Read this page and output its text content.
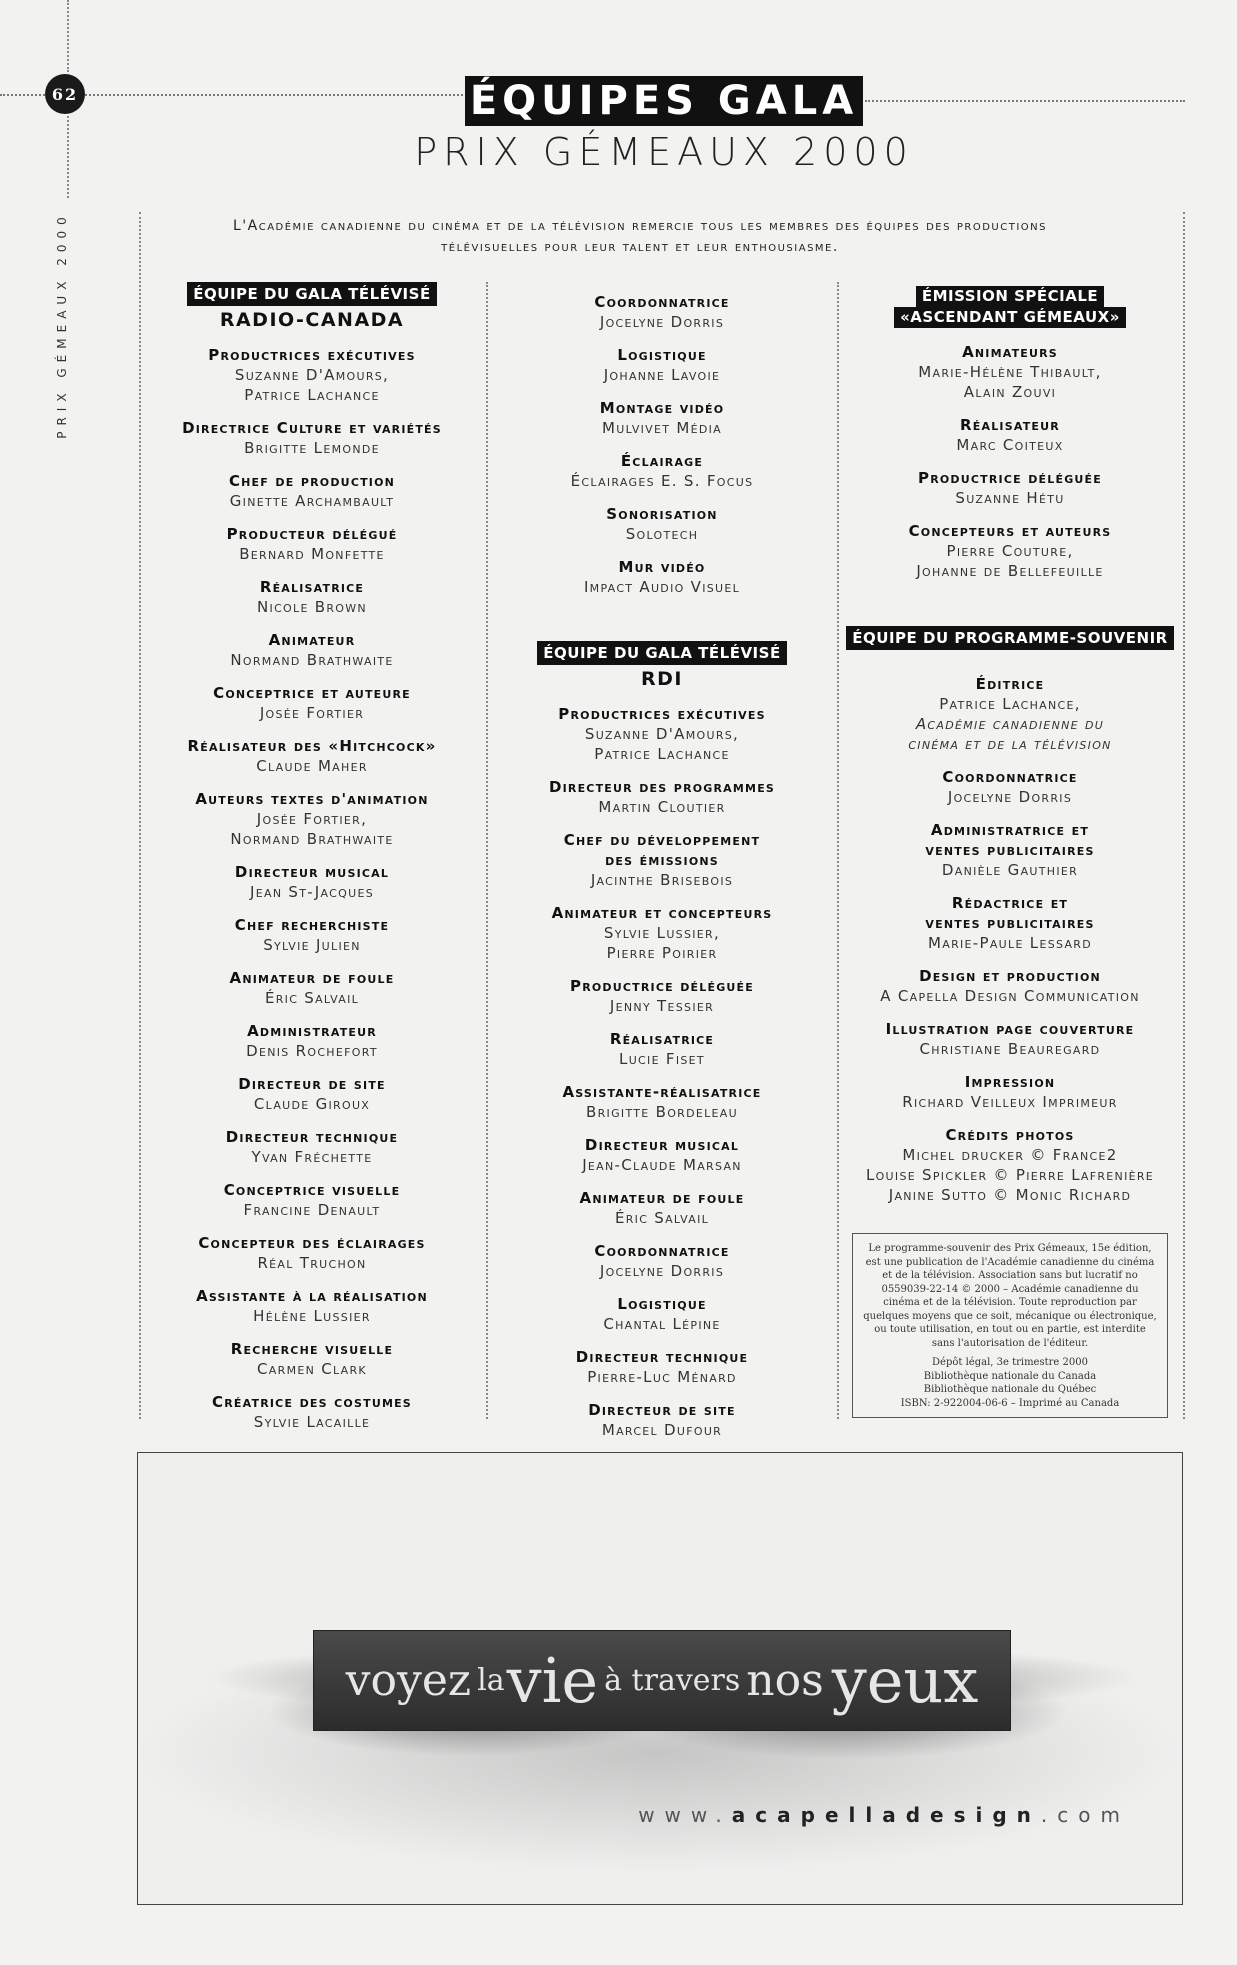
62
PRIX GÉMEAUX 2000
ÉQUIPES GALA
PRIX GÉMEAUX 2000
L'Académie canadienne du cinéma et de la télévision remercie tous les membres des équipes des productions télévisuelles pour leur talent et leur enthousiasme.
ÉQUIPE DU GALA TÉLÉVISÉ
RADIO-CANADA
Productrices exécutives
Suzanne D'Amours,
Patrice Lachance
Directrice Culture et variétés
Brigitte Lemonde
Chef de production
Ginette Archambault
Producteur délégué
Bernard Monfette
Réalisatrice
Nicole Brown
Animateur
Normand Brathwaite
Conceptrice et auteure
Josée Fortier
Réalisateur des «Hitchcock»
Claude Maher
Auteurs textes d'animation
Josée Fortier,
Normand Brathwaite
Directeur musical
Jean St-Jacques
Chef recherchiste
Sylvie Julien
Animateur de foule
Éric Salvail
Administrateur
Denis Rochefort
Directeur de site
Claude Giroux
Directeur technique
Yvan Fréchette
Conceptrice visuelle
Francine Denault
Concepteur des éclairages
Réal Truchon
Assistante à la réalisation
Hélène Lussier
Recherche visuelle
Carmen Clark
Créatrice des costumes
Sylvie Lacaille
Coordonnatrice
Jocelyne Dorris
Logistique
Johanne Lavoie
Montage vidéo
Mulvivet Média
Éclairage
Éclairages E. S. Focus
Sonorisation
Solotech
Mur vidéo
Impact Audio Visuel
ÉQUIPE DU GALA TÉLÉVISÉ
RDI
Productrices exécutives
Suzanne D'Amours,
Patrice Lachance
Directeur des programmes
Martin Cloutier
Chef du développement
des émissions
Jacinthe Brisebois
Animateur et concepteurs
Sylvie Lussier,
Pierre Poirier
Productrice déléguée
Jenny Tessier
Réalisatrice
Lucie Fiset
Assistante-réalisatrice
Brigitte Bordeleau
Directeur musical
Jean-Claude Marsan
Animateur de foule
Éric Salvail
Coordonnatrice
Jocelyne Dorris
Logistique
Chantal Lépine
Directeur technique
Pierre-Luc Ménard
Directeur de site
Marcel Dufour
ÉMISSION SPÉCIALE
«ASCENDANT GÉMEAUX»
Animateurs
Marie-Hélène Thibault,
Alain Zouvi
Réalisateur
Marc Coiteux
Productrice déléguée
Suzanne Hétu
Concepteurs et auteurs
Pierre Couture,
Johanne de Bellefeuille
ÉQUIPE DU PROGRAMME-SOUVENIR
Éditrice
Patrice Lachance,
Académie canadienne du
cinéma et de la télévision
Coordonnatrice
Jocelyne Dorris
Administratrice et
ventes publicitaires
Danièle Gauthier
Rédactrice et
ventes publicitaires
Marie-Paule Lessard
Design et production
A Capella Design Communication
Illustration page couverture
Christiane Beauregard
Impression
Richard Veilleux Imprimeur
Crédits photos
Michel drucker © France2
Louise Spickler © Pierre Lafrenière
Janine Sutto © Monic Richard

Le programme-souvenir des Prix Gémeaux, 15e édition, est une publication de l'Académie canadienne du cinéma et de la télévision. Association sans but lucratif no 0559039-22-14 © 2000 – Académie canadienne du cinéma et de la télévision. Toute reproduction par quelques moyens que ce soit, mécanique ou électronique, ou toute utilisation, en tout ou en partie, est interdite sans l'autorisation de l'éditeur.

Dépôt légal, 3e trimestre 2000
Bibliothèque nationale du Canada
Bibliothèque nationale du Québec
ISBN: 2-922004-06-6 – Imprimé au Canada

voyez la vie à travers nos yeux
www.acapelladesign.com
